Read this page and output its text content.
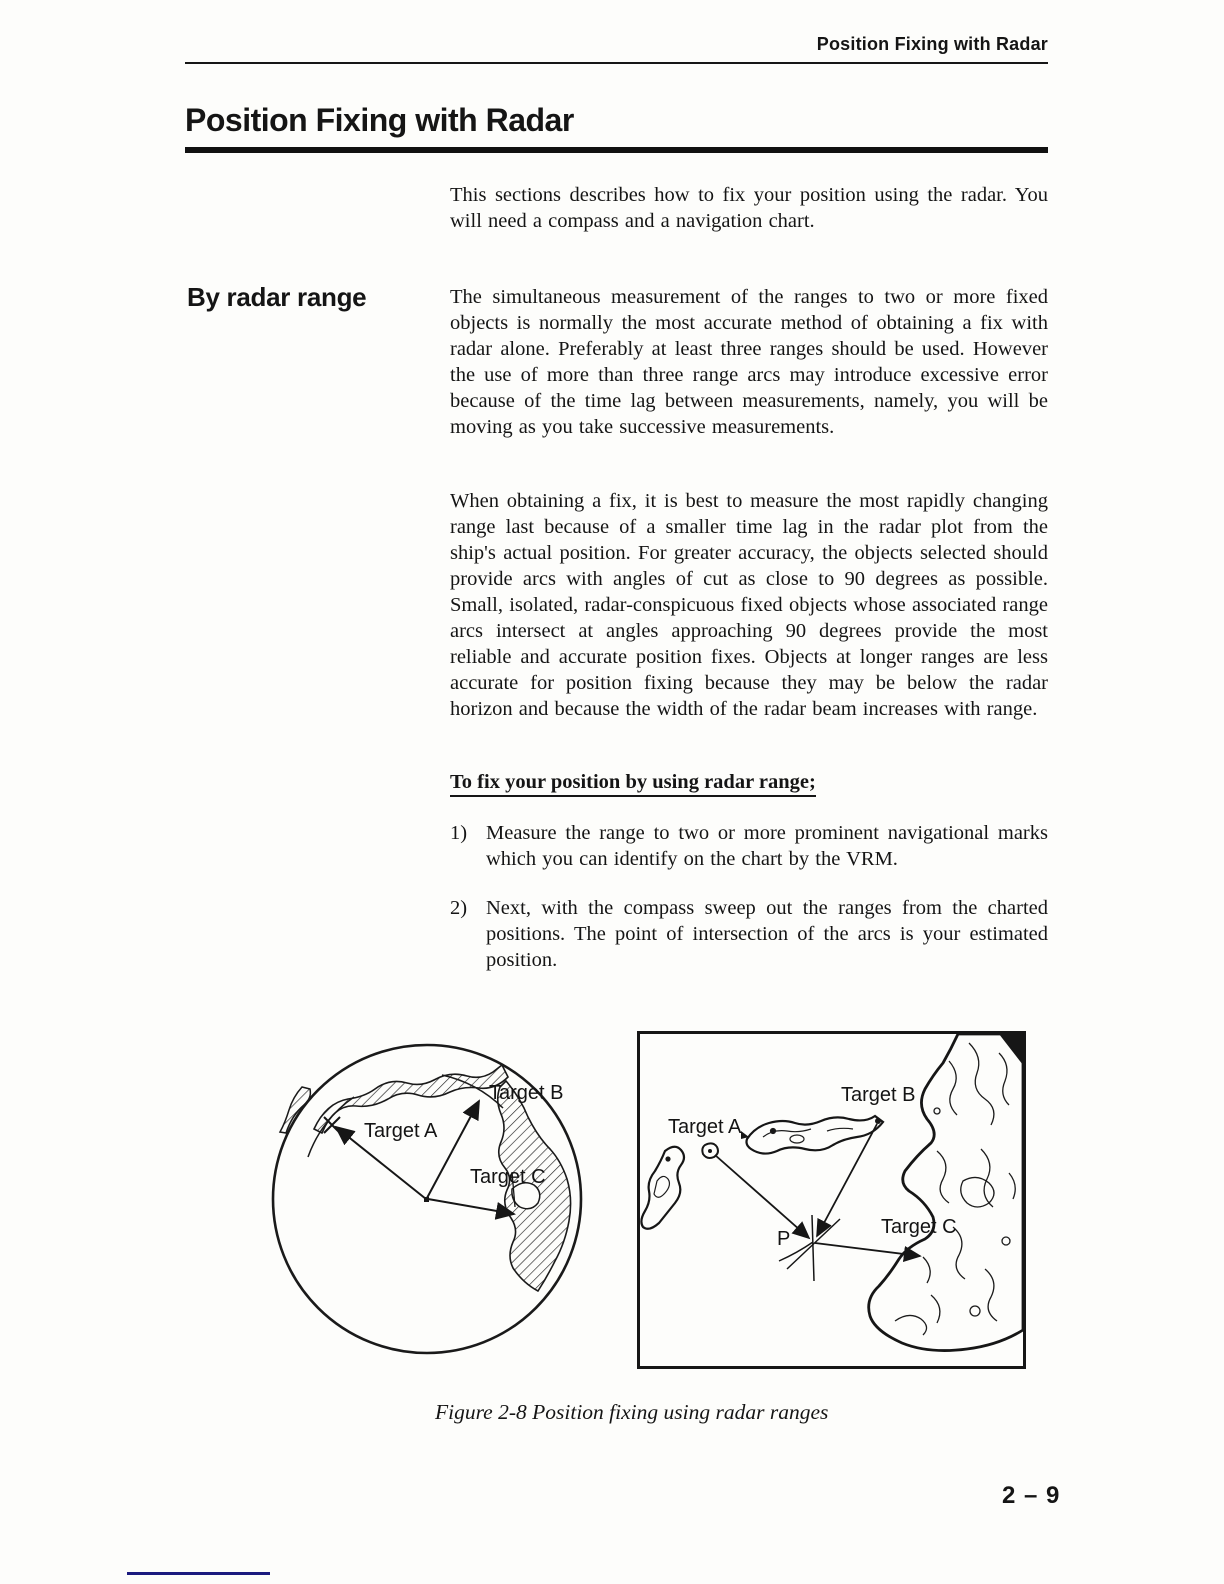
Position Fixing with Radar
Position Fixing with Radar
This sections describes how to fix your position using the radar. You will need a compass and a navigation chart.
By radar range	The simultaneous measurement of the ranges to two or more fixed objects is normally the most accurate method of obtaining a fix with radar alone. Preferably at least three ranges should be used. However the use of more than three range arcs may introduce excessive error because of the time lag between measurements, namely, you will be moving as you take successive measurements.
When obtaining a fix, it is best to measure the most rapidly changing range last because of a smaller time lag in the radar plot from the ship's actual position. For greater accuracy, the objects selected should provide arcs with angles of cut as close to 90 degrees as possible. Small, isolated, radar-conspicuous fixed objects whose associated range arcs intersect at angles approaching 90 degrees provide the most reliable and accurate position fixes. Objects at longer ranges are less accurate for position fixing because they may be below the radar horizon and because the width of the radar beam increases with range.
To fix your position by using radar range;
1) Measure the range to two or more prominent navigational marks which you can identify on the chart by the VRM.
2) Next, with the compass sweep out the ranges from the charted positions. The point of intersection of the arcs is your estimated position.
Target A
Target B
Target C
Target A
Target B
Target C
P
Figure 2-8 Position fixing using radar ranges
2 – 9
